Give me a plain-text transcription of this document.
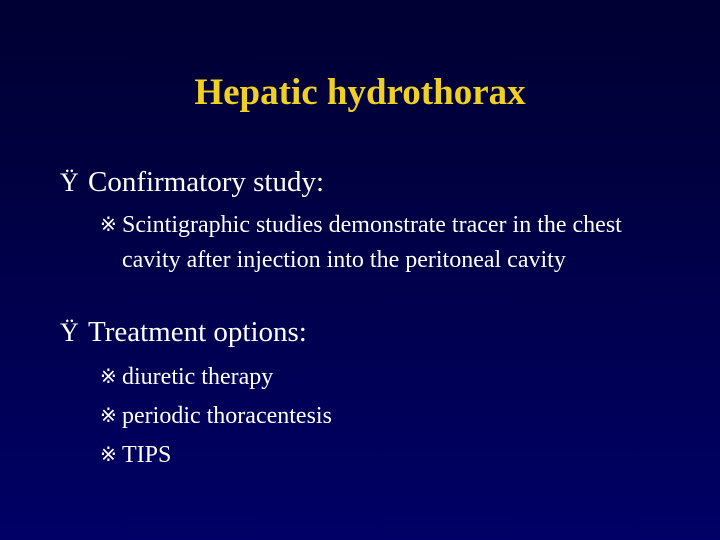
Hepatic hydrothorax
Ÿ Confirmatory study:
※ Scintigraphic studies demonstrate tracer in the chest cavity after injection into the peritoneal cavity
Ÿ Treatment options:
※ diuretic therapy
※ periodic thoracentesis
※ TIPS
